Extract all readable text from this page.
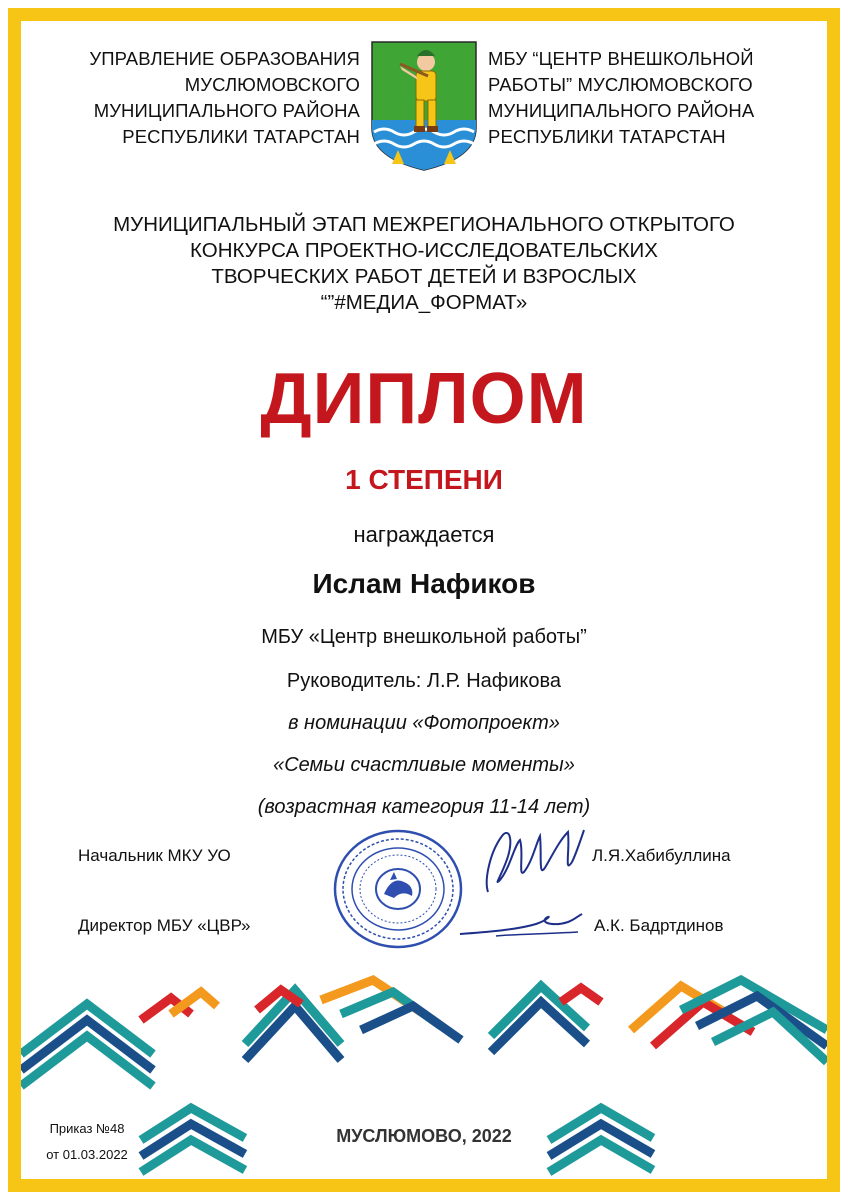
УПРАВЛЕНИЕ ОБРАЗОВАНИЯ
МУСЛЮМОВСКОГО
МУНИЦИПАЛЬНОГО РАЙОНА
РЕСПУБЛИКИ ТАТАРСТАН
МБУ “ЦЕНТР ВНЕШКОЛЬНОЙ
РАБОТЫ” МУСЛЮМОВСКОГО
МУНИЦИПАЛЬНОГО РАЙОНА
РЕСПУБЛИКИ ТАТАРСТАН
МУНИЦИПАЛЬНЫЙ ЭТАП МЕЖРЕГИОНАЛЬНОГО ОТКРЫТОГО
КОНКУРСА ПРОЕКТНО-ИССЛЕДОВАТЕЛЬСКИХ
ТВОРЧЕСКИХ РАБОТ ДЕТЕЙ И ВЗРОСЛЫХ
“”#МЕДИА_ФОРМАТ»
ДИПЛОМ
1 СТЕПЕНИ
награждается
Ислам Нафиков
МБУ «Центр внешкольной работы”
Руководитель: Л.Р. Нафикова
в номинации «Фотопроект»
«Семьи счастливые моменты»
(возрастная категория 11-14 лет)
Начальник МКУ УО	Л.Я.Хабибуллина
Директор МБУ «ЦВР»	А.К. Бадртдинов
Приказ №48
от 01.03.2022
МУСЛЮМОВО, 2022
